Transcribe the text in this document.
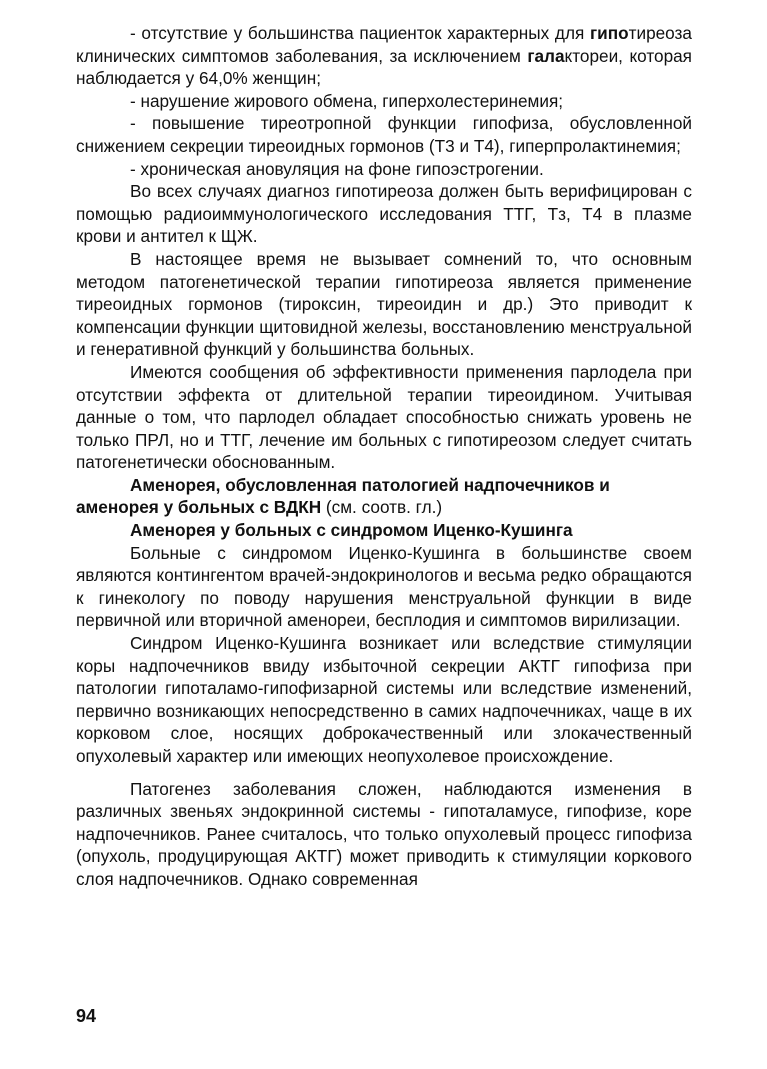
- отсутствие у большинства пациенток характерных для гипотиреоза клинических симптомов заболевания, за исключением галактореи, которая наблюдается у 64,0% женщин;

- нарушение жирового обмена, гиперхолестеринемия;

- повышение тиреотропной функции гипофиза, обусловленной снижением секреции тиреоидных гормонов (Т3 и Т4), гиперпролактинемия;

- хроническая ановуляция на фоне гипоэстрогении.

Во всех случаях диагноз гипотиреоза должен быть верифицирован с помощью радиоиммунологического исследования ТТГ, Тз, Т4 в плазме крови и антител к ЩЖ.

В настоящее время не вызывает сомнений то, что основным методом патогенетической терапии гипотиреоза является применение тиреоидных гормонов (тироксин, тиреоидин и др.) Это приводит к компенсации функции щитовидной железы, восстановлению менструальной и генеративной функций у большинства больных.

Имеются сообщения об эффективности применения парлодела при отсутствии эффекта от длительной терапии тиреоидином. Учитывая данные о том, что парлодел обладает способностью снижать уровень не только ПРЛ, но и ТТГ, лечение им больных с гипотиреозом следует считать патогенетически обоснованным.

Аменорея, обусловленная патологией надпочечников и аменорея у больных с ВДКН (см. соотв. гл.)

Аменорея у больных с синдромом Иценко-Кушинга

Больные с синдромом Иценко-Кушинга в большинстве своем являются контингентом врачей-эндокринологов и весьма редко обращаются к гинекологу по поводу нарушения менструальной функции в виде первичной или вторичной аменореи, бесплодия и симптомов вирилизации.

Синдром Иценко-Кушинга возникает или вследствие стимуляции коры надпочечников ввиду избыточной секреции АКТГ гипофиза при патологии гипоталамо-гипофизарной системы или вследствие изменений, первично возникающих непосредственно в самих надпочечниках, чаще в их корковом слое, носящих доброкачественный или злокачественный опухолевый характер или имеющих неопухолевое происхождение.

Патогенез заболевания сложен, наблюдаются изменения в различных звеньях эндокринной системы - гипоталамусе, гипофизе, коре надпочечников. Ранее считалось, что только опухолевый процесс гипофиза (опухоль, продуцирующая АКТГ) может приводить к стимуляции коркового слоя надпочечников. Однако современная

94
